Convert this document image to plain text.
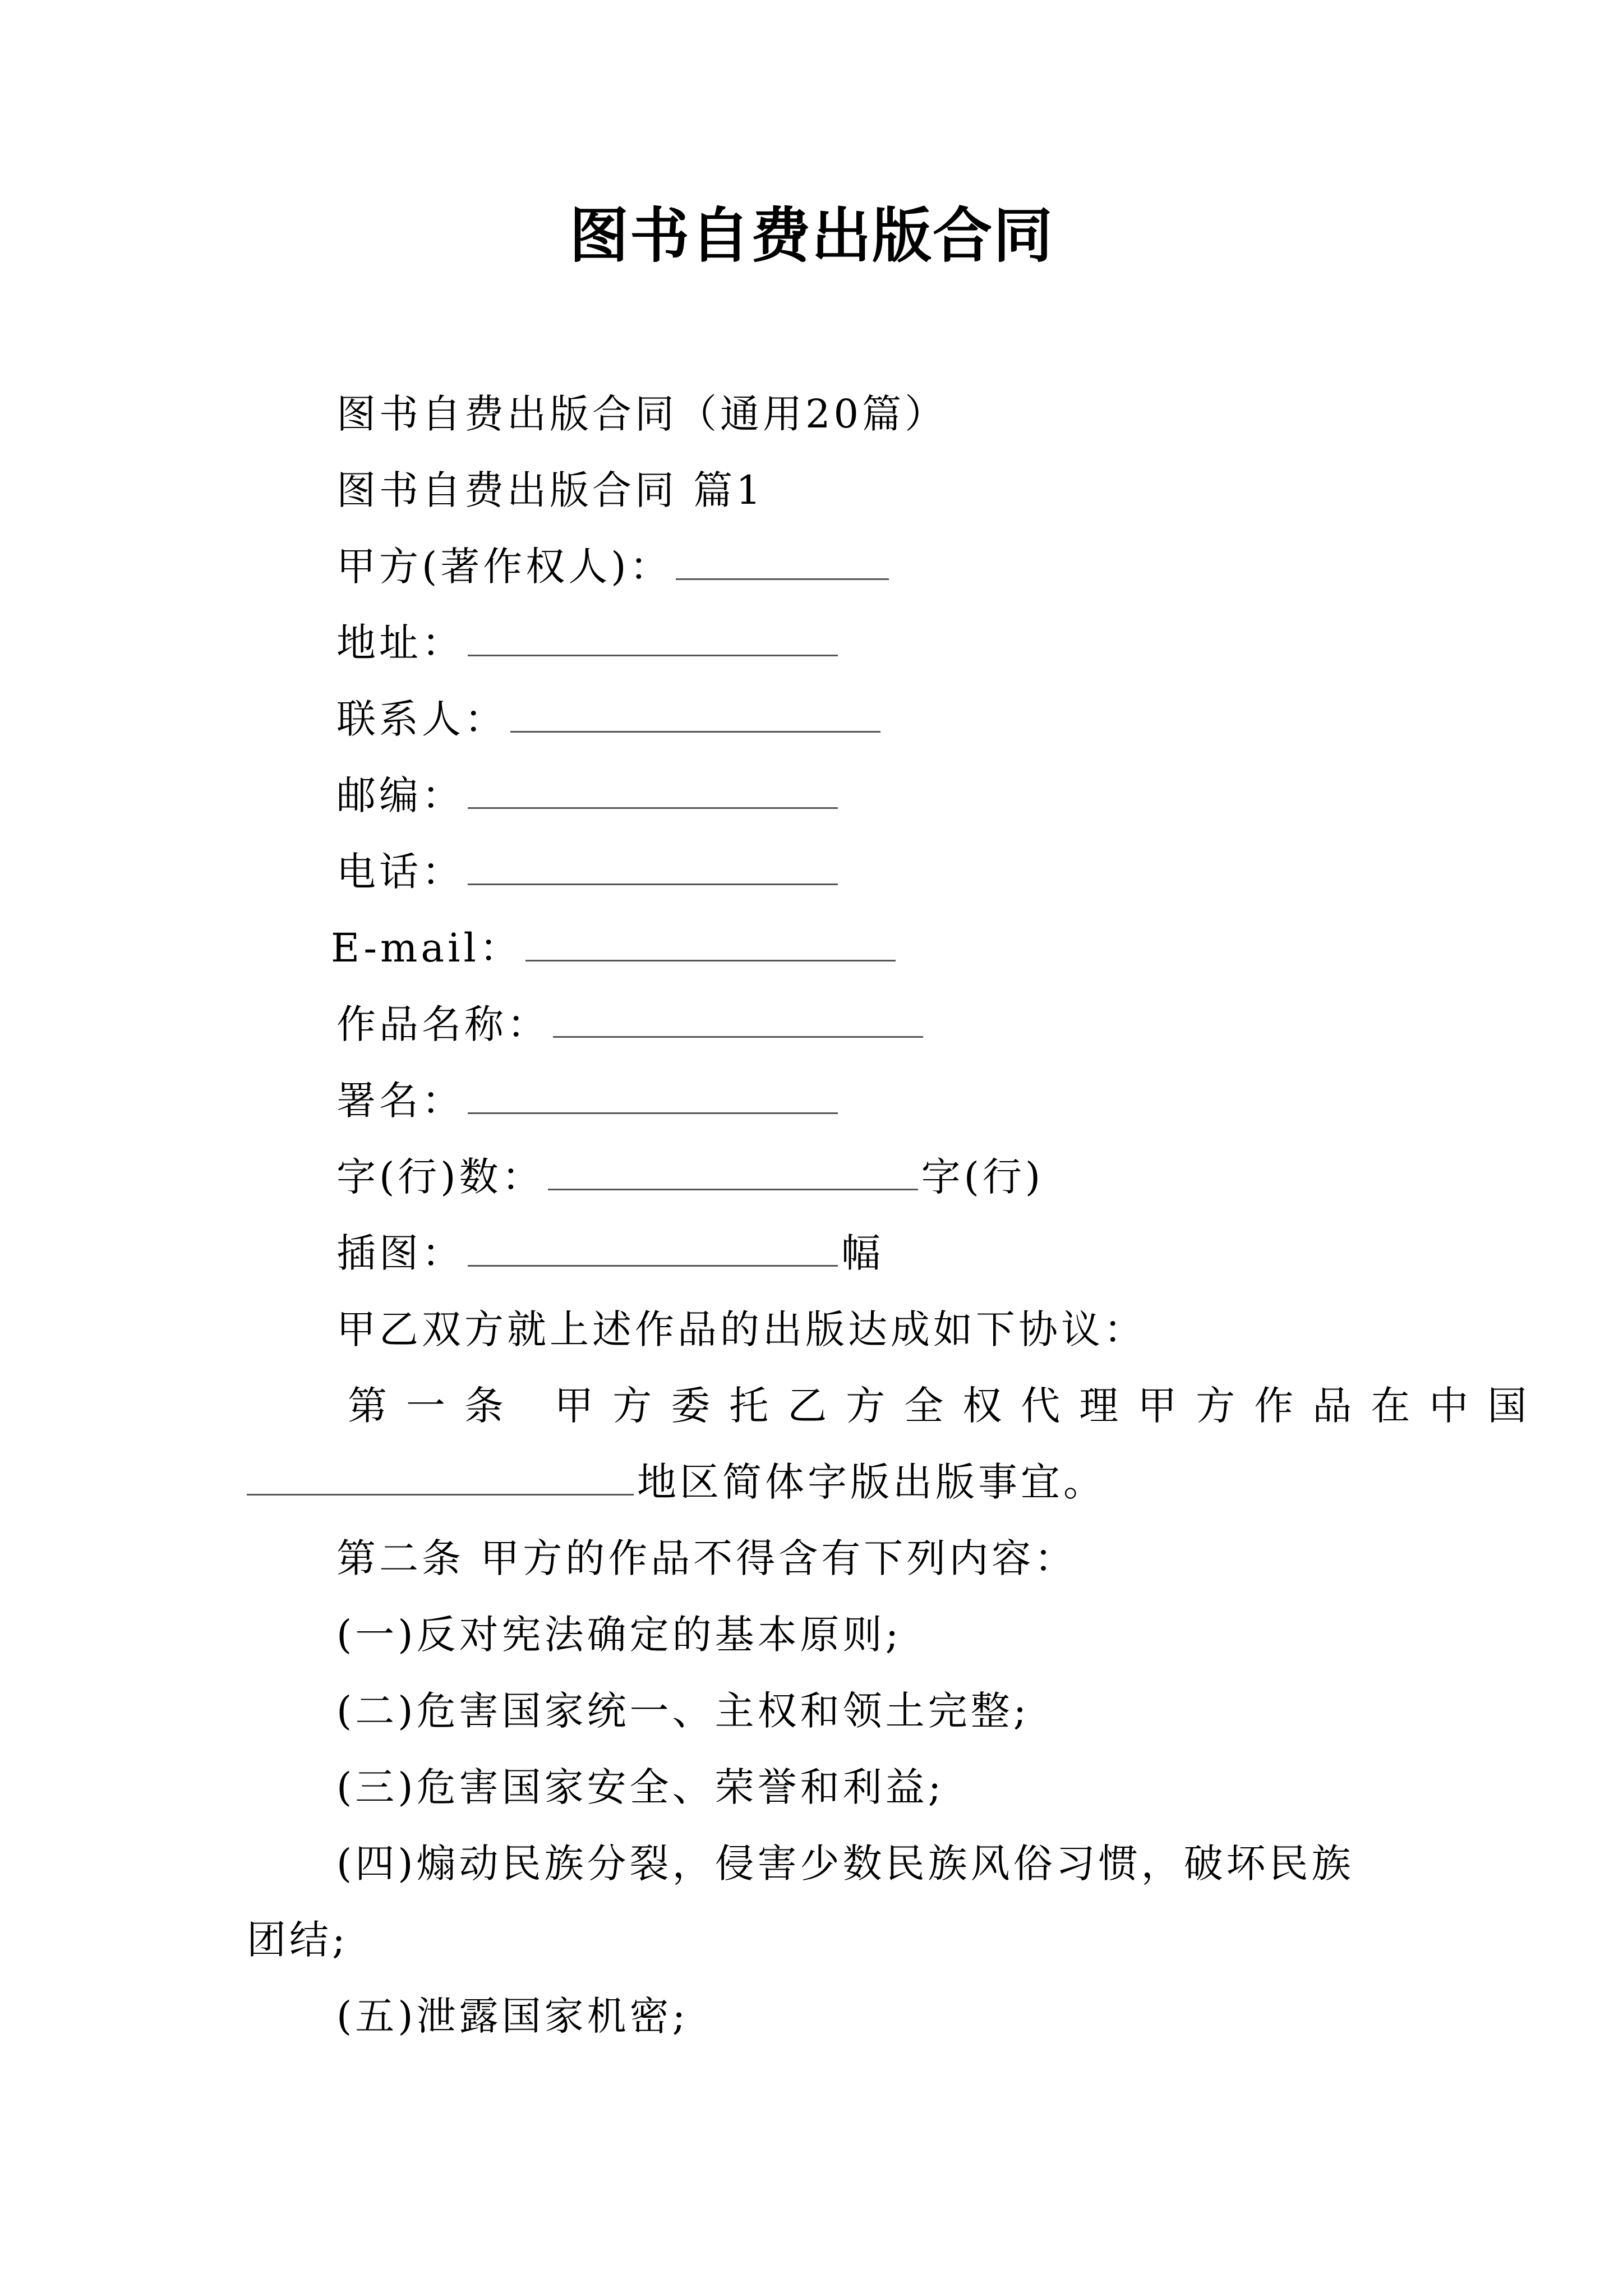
图书自费出版合同
图书自费出版合同（通用20篇）
图书自费出版合同 篇1
甲方(著作权人)：
地址：
联系人：
邮编：
电话：
E-mail：
作品名称：
署名：
字(行)数：	字(行)
插图：	幅
甲乙双方就上述作品的出版达成如下协议：
第一条 甲方委托乙方全权代理甲方作品在中国
地区简体字版出版事宜。
第二条 甲方的作品不得含有下列内容：
(一)反对宪法确定的基本原则;
(二)危害国家统一、主权和领土完整;
(三)危害国家安全、荣誉和利益;
(四)煽动民族分裂，侵害少数民族风俗习惯，破坏民族
团结;
(五)泄露国家机密;
